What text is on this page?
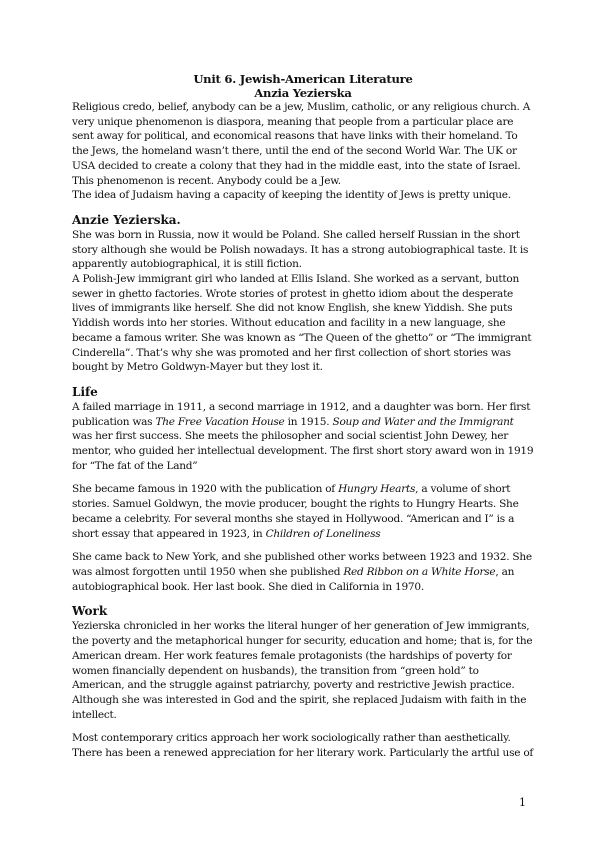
Unit 6. Jewish-American Literature

Anzia Yezierska

Religious credo, belief, anybody can be a jew, Muslim, catholic, or any religious church. A very unique phenomenon is diaspora, meaning that people from a particular place are sent away for political, and economical reasons that have links with their homeland. To the Jews, the homeland wasn’t there, until the end of the second World War. The UK or USA decided to create a colony that they had in the middle east, into the state of Israel. This phenomenon is recent. Anybody could be a Jew.

The idea of Judaism having a capacity of keeping the identity of Jews is pretty unique.

Anzie Yezierska.

She was born in Russia, now it would be Poland. She called herself Russian in the short story although she would be Polish nowadays. It has a strong autobiographical taste. It is apparently autobiographical, it is still fiction.

A Polish-Jew immigrant girl who landed at Ellis Island. She worked as a servant, button sewer in ghetto factories. Wrote stories of protest in ghetto idiom about the desperate lives of immigrants like herself. She did not know English, she knew Yiddish. She puts Yiddish words into her stories. Without education and facility in a new language, she became a famous writer. She was known as “The Queen of the ghetto” or “The immigrant Cinderella”. That’s why she was promoted and her first collection of short stories was bought by Metro Goldwyn-Mayer but they lost it.

Life

A failed marriage in 1911, a second marriage in 1912, and a daughter was born. Her first publication was The Free Vacation House in 1915. Soup and Water and the Immigrant was her first success. She meets the philosopher and social scientist John Dewey, her mentor, who guided her intellectual development. The first short story award won in 1919 for “The fat of the Land”

She became famous in 1920 with the publication of Hungry Hearts, a volume of short stories. Samuel Goldwyn, the movie producer, bought the rights to Hungry Hearts. She became a celebrity. For several months she stayed in Hollywood. “American and I” is a short essay that appeared in 1923, in Children of Loneliness

She came back to New York, and she published other works between 1923 and 1932. She was almost forgotten until 1950 when she published Red Ribbon on a White Horse, an autobiographical book. Her last book. She died in California in 1970.

Work

Yezierska chronicled in her works the literal hunger of her generation of Jew immigrants, the poverty and the metaphorical hunger for security, education and home; that is, for the American dream. Her work features female protagonists (the hardships of poverty for women financially dependent on husbands), the transition from “green hold” to American, and the struggle against patriarchy, poverty and restrictive Jewish practice. Although she was interested in God and the spirit, she replaced Judaism with faith in the intellect.

Most contemporary critics approach her work sociologically rather than aesthetically. There has been a renewed appreciation for her literary work. Particularly the artful use of

1
